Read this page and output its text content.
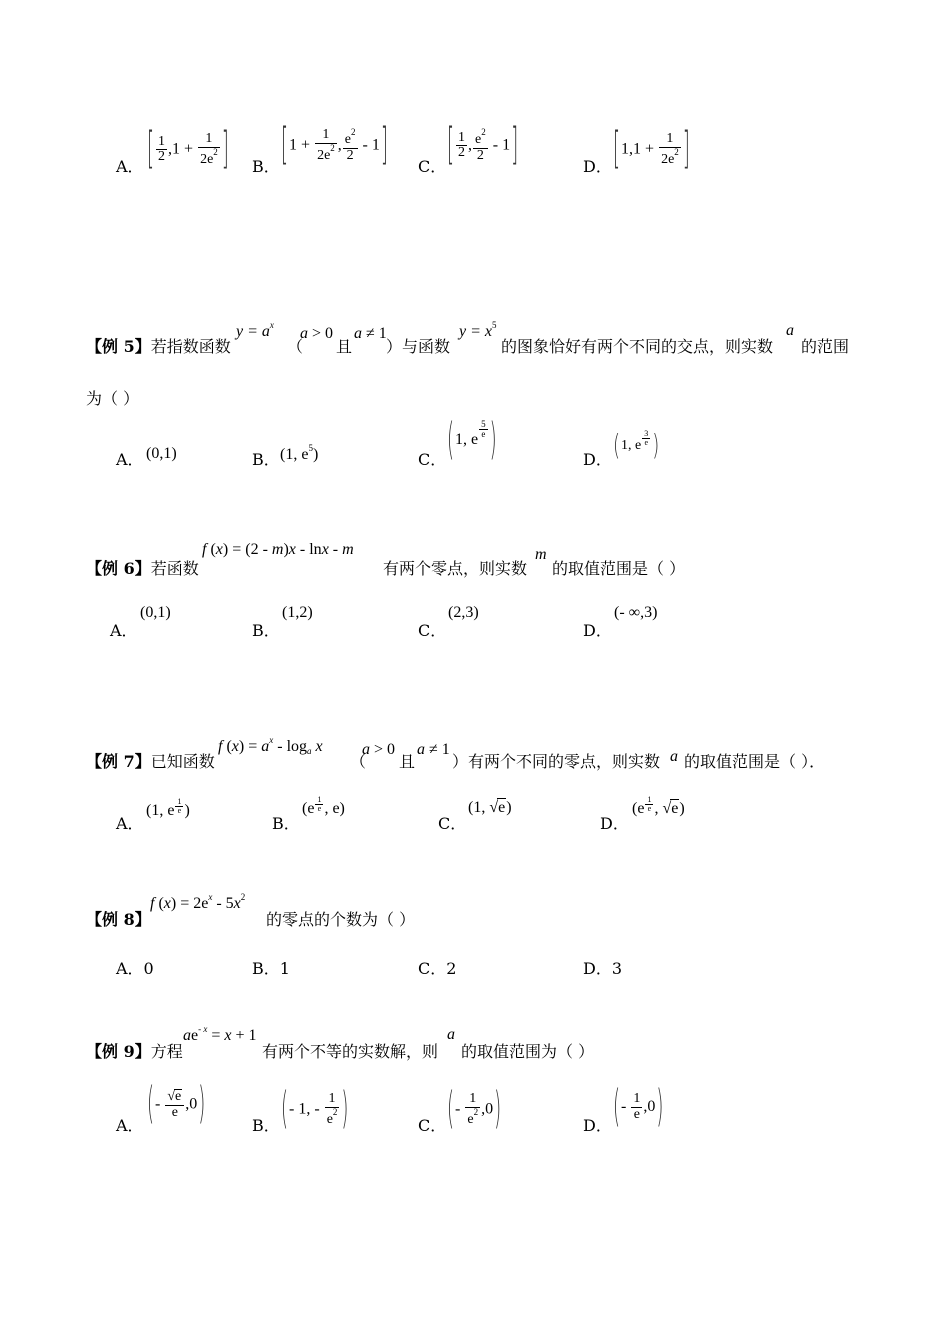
A． [ $\frac{1}{2} ,1 + \frac{1}{2e^2}$ ] B． [$1 + \frac{1}{2e^2}$ , $\frac{e^2}{2} - 1$] C． [ $\frac{1}{2}$ , $\frac{e^2}{2} - 1$]	D． [$1,1 + \frac{1}{2e^2}$ ]
【例 5】若指数函数
$y = a^x$
（
a > 0
且
a ≠ 1
）与函数
$y = x^5$
的图象恰好有两个不同的交点，则实数
a
的范围
为（ ）
A． (0,1)	B． (1, $e^5$)	C． (1, e $^{\frac{5}{e}}$ )	D． (1, e $^{\frac{3}{e}}$ )
【例 6】若函数
f (x) = (2 - m)x - lnx - m
有两个零点，则实数
m
的取值范围是（ ）
A．
(0,1)
B．
(1,2)
C．
(2,3)
D．
(- ∞,3)
【例 7】已知函数
f $(x) = a^x - \log_a x$
（
a > 0
且
a ≠ 1
）有两个不同的零点，则实数 a 的取值范围是（ ）．
A．
(1, e $^{\frac{1}{e}}$ )
B．
(e $^{\frac{1}{e}}$ , e)
C．
(1, √e)
D．
(e $^{\frac{1}{e}}$ , √e)
【例 8】
f $(x) = 2e^x - 5x^2$
的零点的个数为（ ）
A．0	B．1	C．2	D．3
【例 9】方程
$ae^{- x} = x + 1$
有两个不等的实数解，则
a
的取值范围为（ ）
A． (- $\frac{√e}{e} ,0$)	B． (- 1, - $\frac{1}{e^2}$ )	C． (- $\frac{1}{e^2} ,0$)	D． (- $\frac{1}{e} ,0$)
